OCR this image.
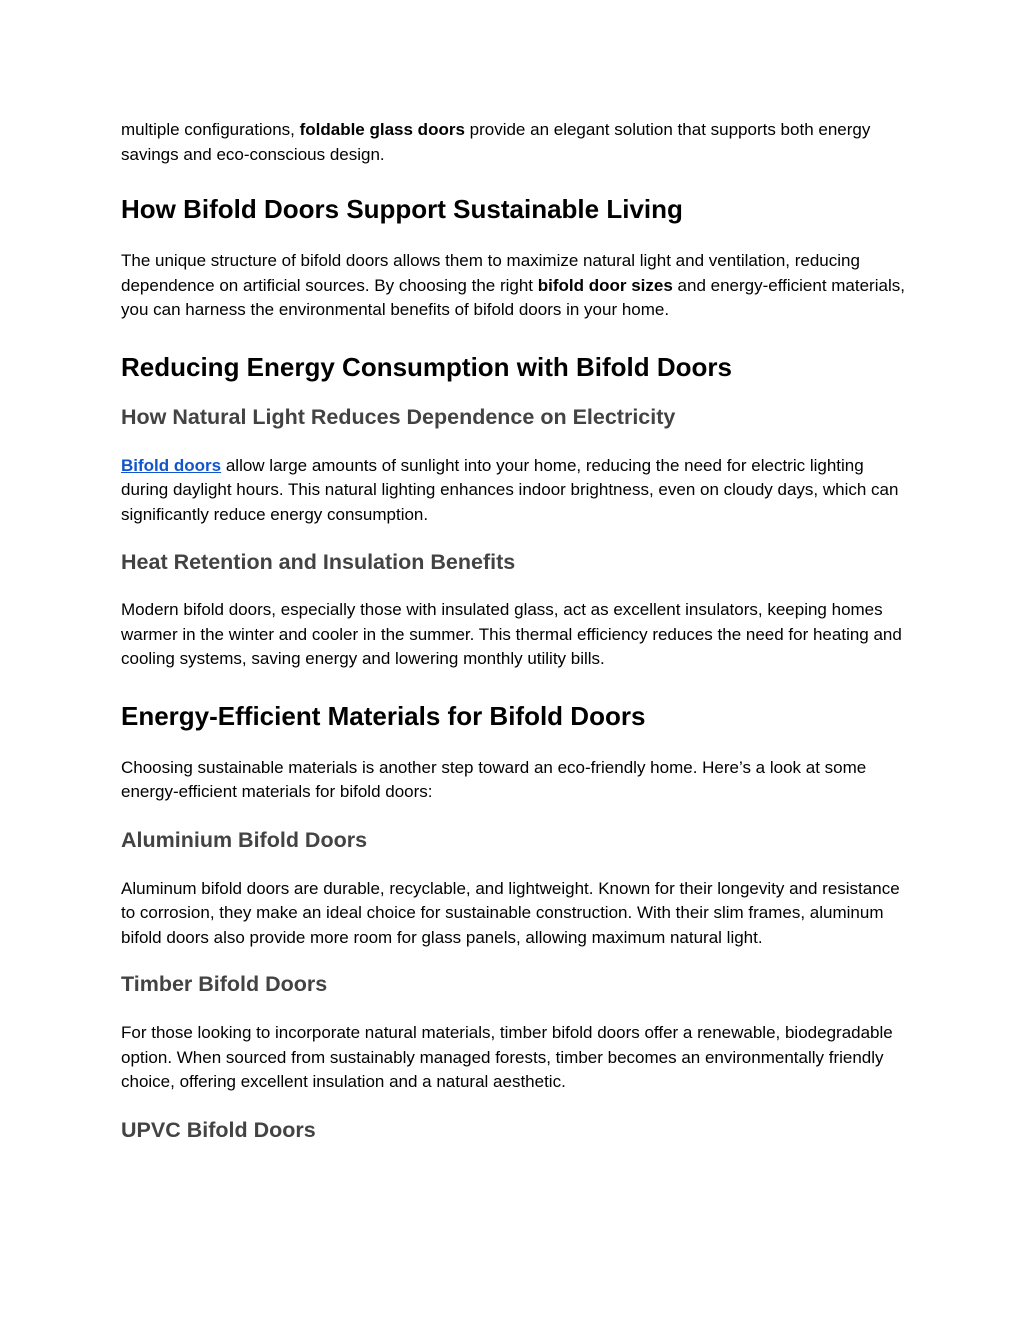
multiple configurations, foldable glass doors provide an elegant solution that supports both energy savings and eco-conscious design.

How Bifold Doors Support Sustainable Living

The unique structure of bifold doors allows them to maximize natural light and ventilation, reducing dependence on artificial sources. By choosing the right bifold door sizes and energy-efficient materials, you can harness the environmental benefits of bifold doors in your home.

Reducing Energy Consumption with Bifold Doors
How Natural Light Reduces Dependence on Electricity

Bifold doors allow large amounts of sunlight into your home, reducing the need for electric lighting during daylight hours. This natural lighting enhances indoor brightness, even on cloudy days, which can significantly reduce energy consumption.

Heat Retention and Insulation Benefits

Modern bifold doors, especially those with insulated glass, act as excellent insulators, keeping homes warmer in the winter and cooler in the summer. This thermal efficiency reduces the need for heating and cooling systems, saving energy and lowering monthly utility bills.

Energy-Efficient Materials for Bifold Doors

Choosing sustainable materials is another step toward an eco-friendly home. Here’s a look at some energy-efficient materials for bifold doors:

Aluminium Bifold Doors

Aluminum bifold doors are durable, recyclable, and lightweight. Known for their longevity and resistance to corrosion, they make an ideal choice for sustainable construction. With their slim frames, aluminum bifold doors also provide more room for glass panels, allowing maximum natural light.

Timber Bifold Doors

For those looking to incorporate natural materials, timber bifold doors offer a renewable, biodegradable option. When sourced from sustainably managed forests, timber becomes an environmentally friendly choice, offering excellent insulation and a natural aesthetic.

UPVC Bifold Doors
